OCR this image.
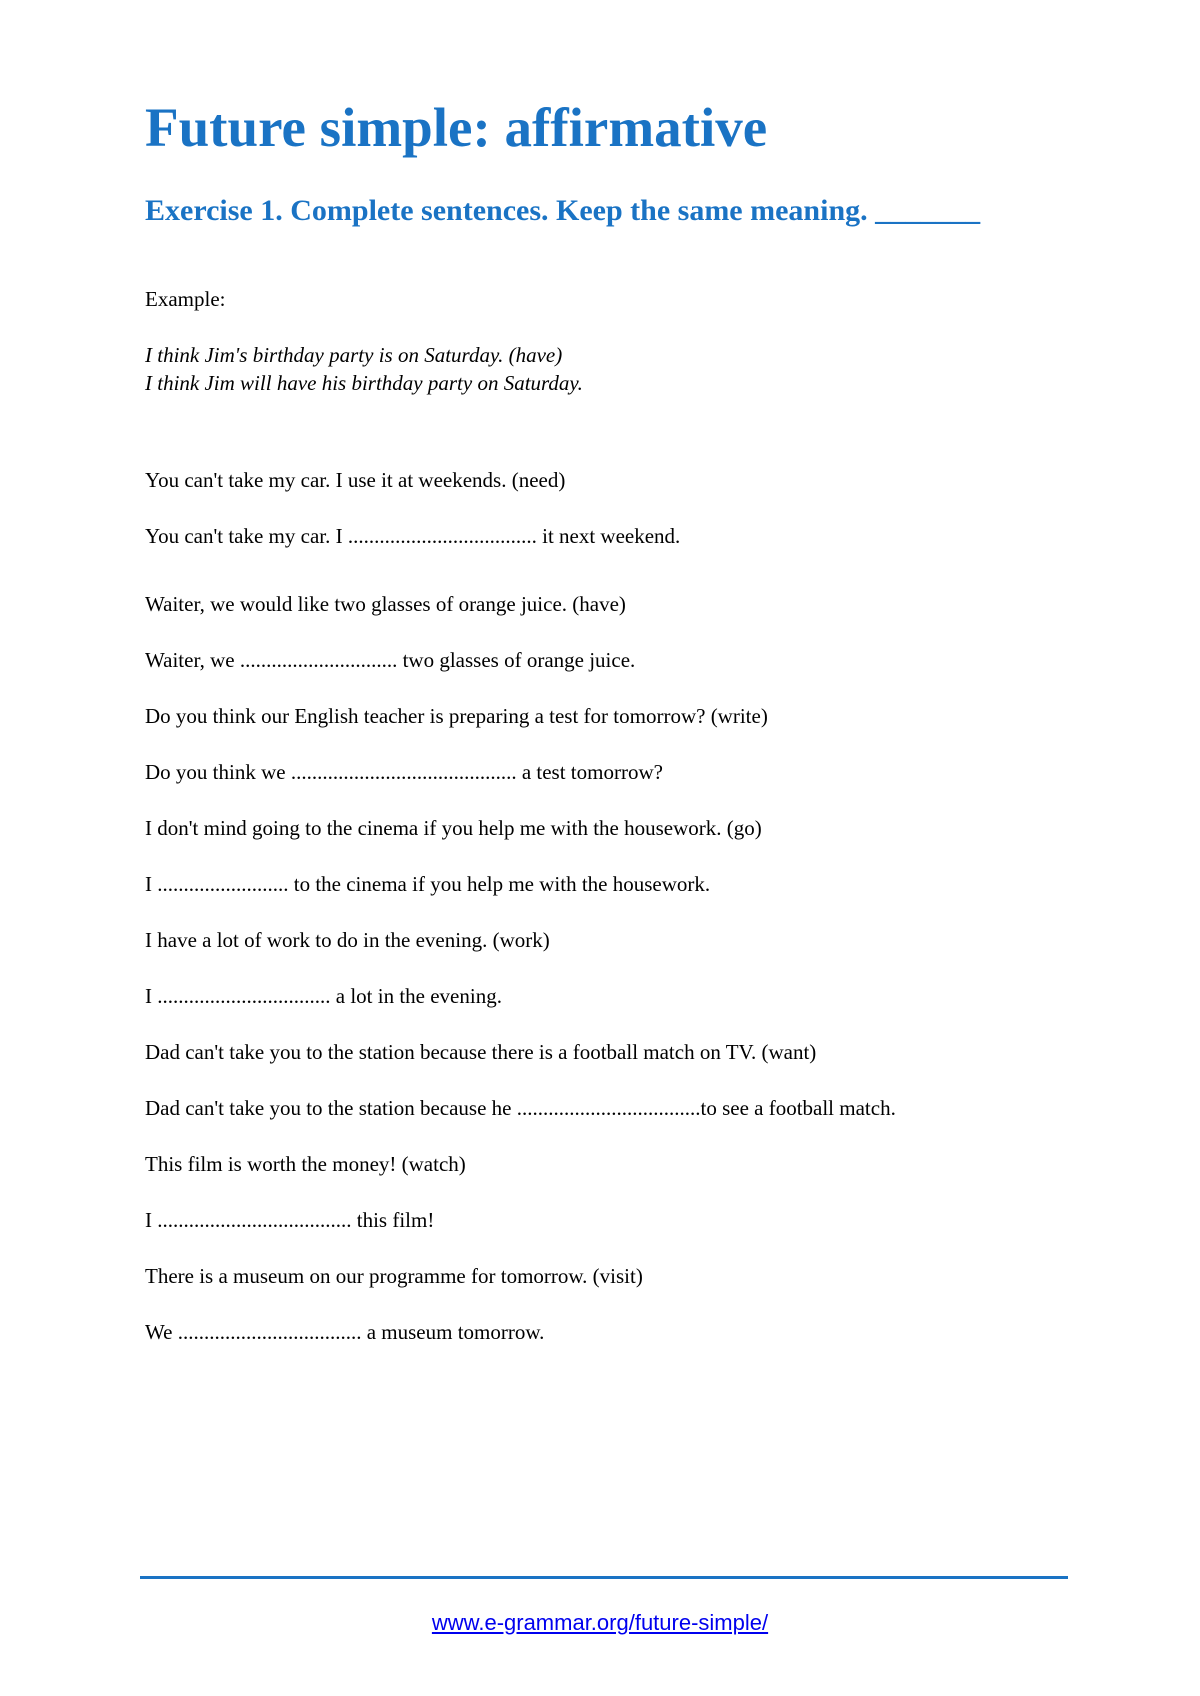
Future simple: affirmative
Exercise 1. Complete sentences. Keep the same meaning. _______
Example:
I think Jim's birthday party is on Saturday. (have)
I think Jim will have his birthday party on Saturday.
You can't take my car. I use it at weekends. (need)
You can't take my car. I .................................... it next weekend.
Waiter, we would like two glasses of orange juice. (have)
Waiter, we .............................. two glasses of orange juice.
Do you think our English teacher is preparing a test for tomorrow? (write)
Do you think we ........................................... a test tomorrow?
I don't mind going to the cinema if you help me with the housework. (go)
I ......................... to the cinema if you help me with the housework.
I have a lot of work to do in the evening. (work)
I ................................. a lot in the evening.
Dad can't take you to the station because there is a football match on TV. (want)
Dad can't take you to the station because he ...................................to see a football match.
This film is worth the money! (watch)
I ..................................... this film!
There is a museum on our programme for tomorrow. (visit)
We ................................... a museum tomorrow.
www.e-grammar.org/future-simple/
